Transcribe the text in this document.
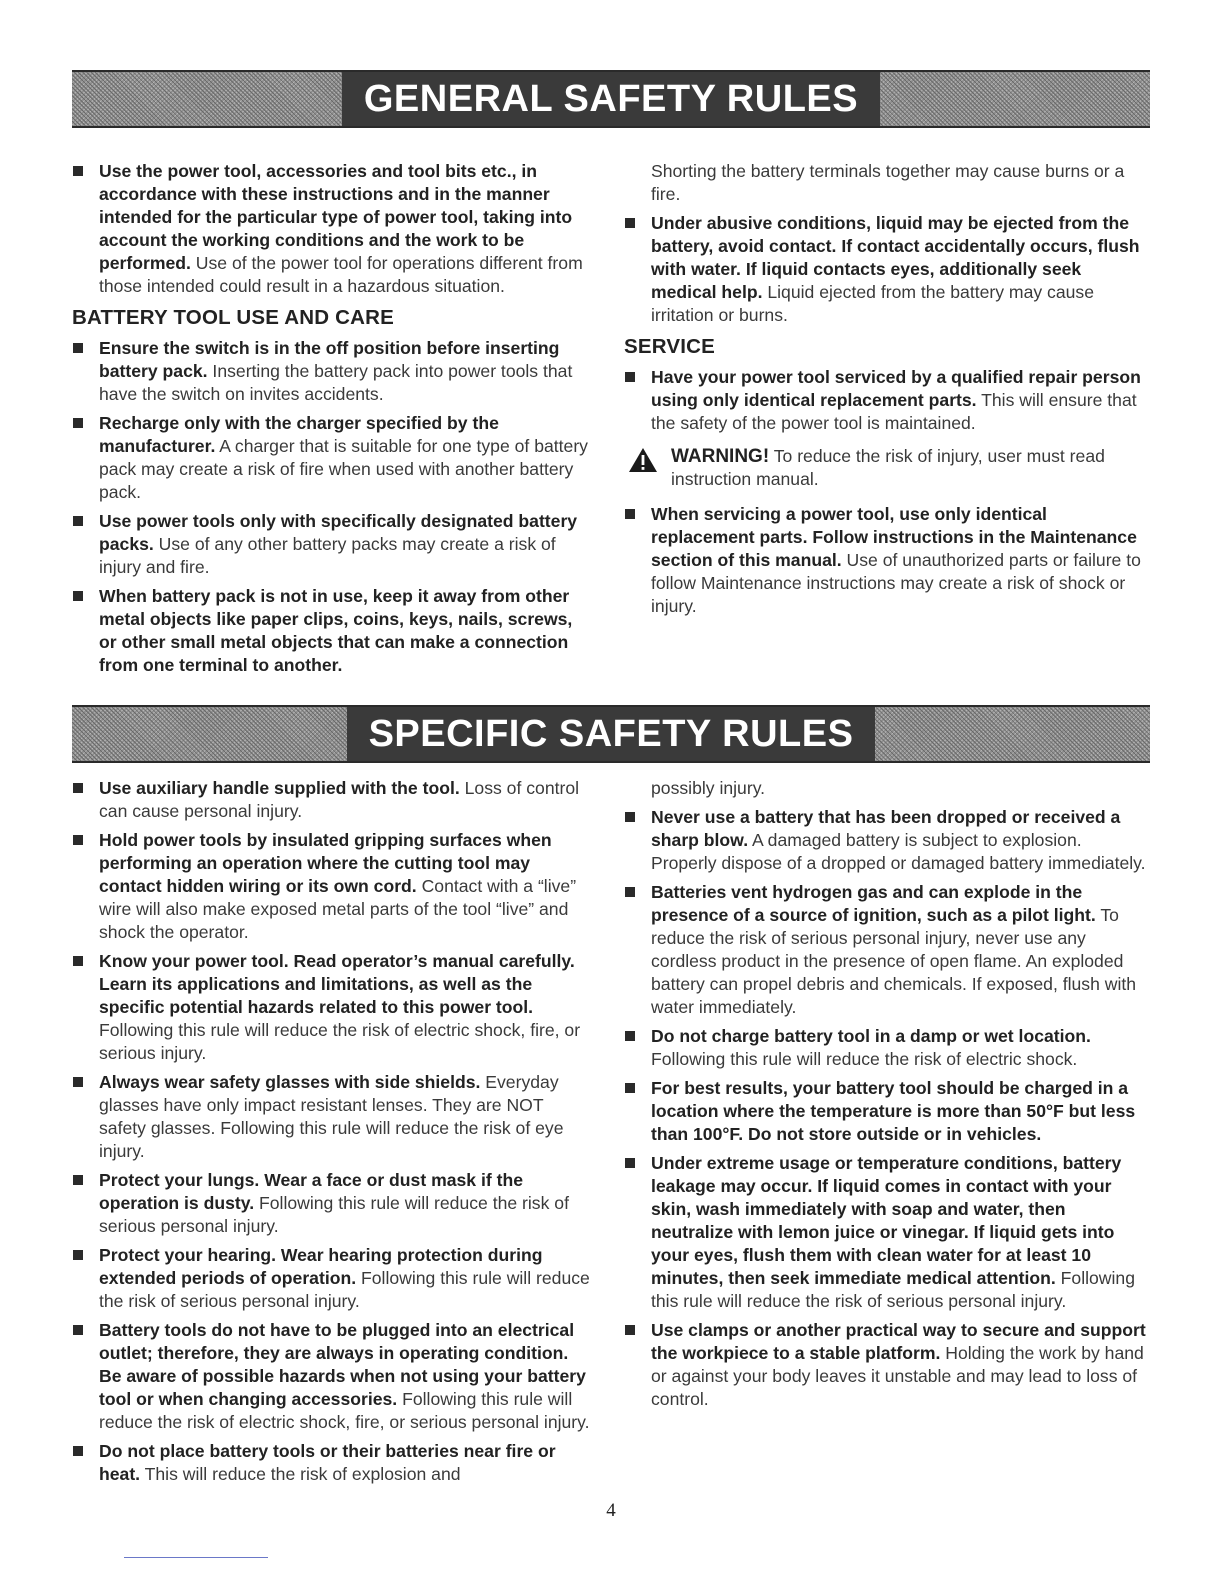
GENERAL SAFETY RULES
Use the power tool, accessories and tool bits etc., in accordance with these instructions and in the manner intended for the particular type of power tool, taking into account the working conditions and the work to be performed. Use of the power tool for operations different from those intended could result in a hazardous situation.
BATTERY TOOL USE AND CARE
Ensure the switch is in the off position before inserting battery pack. Inserting the battery pack into power tools that have the switch on invites accidents.
Recharge only with the charger specified by the manufacturer. A charger that is suitable for one type of battery pack may create a risk of fire when used with another battery pack.
Use power tools only with specifically designated battery packs. Use of any other battery packs may create a risk of injury and fire.
When battery pack is not in use, keep it away from other metal objects like paper clips, coins, keys, nails, screws, or other small metal objects that can make a connection from one terminal to another.
Shorting the battery terminals together may cause burns or a fire.
Under abusive conditions, liquid may be ejected from the battery, avoid contact. If contact accidentally occurs, flush with water. If liquid contacts eyes, additionally seek medical help. Liquid ejected from the battery may cause irritation or burns.
SERVICE
Have your power tool serviced by a qualified repair person using only identical replacement parts. This will ensure that the safety of the power tool is maintained.
WARNING! To reduce the risk of injury, user must read instruction manual.
When servicing a power tool, use only identical replacement parts. Follow instructions in the Maintenance section of this manual. Use of unauthorized parts or failure to follow Maintenance instructions may create a risk of shock or injury.
SPECIFIC SAFETY RULES
Use auxiliary handle supplied with the tool. Loss of control can cause personal injury.
Hold power tools by insulated gripping surfaces when performing an operation where the cutting tool may contact hidden wiring or its own cord. Contact with a “live” wire will also make exposed metal parts of the tool “live” and shock the operator.
Know your power tool. Read operator’s manual carefully. Learn its applications and limitations, as well as the specific potential hazards related to this power tool. Following this rule will reduce the risk of electric shock, fire, or serious injury.
Always wear safety glasses with side shields. Everyday glasses have only impact resistant lenses. They are NOT safety glasses. Following this rule will reduce the risk of eye injury.
Protect your lungs. Wear a face or dust mask if the operation is dusty. Following this rule will reduce the risk of serious personal injury.
Protect your hearing. Wear hearing protection during extended periods of operation. Following this rule will reduce the risk of serious personal injury.
Battery tools do not have to be plugged into an electrical outlet; therefore, they are always in operating condition. Be aware of possible hazards when not using your battery tool or when changing accessories. Following this rule will reduce the risk of electric shock, fire, or serious personal injury.
Do not place battery tools or their batteries near fire or heat. This will reduce the risk of explosion and
possibly injury.
Never use a battery that has been dropped or received a sharp blow. A damaged battery is subject to explosion. Properly dispose of a dropped or damaged battery immediately.
Batteries vent hydrogen gas and can explode in the presence of a source of ignition, such as a pilot light. To reduce the risk of serious personal injury, never use any cordless product in the presence of open flame. An exploded battery can propel debris and chemicals. If exposed, flush with water immediately.
Do not charge battery tool in a damp or wet location. Following this rule will reduce the risk of electric shock.
For best results, your battery tool should be charged in a location where the temperature is more than 50°F but less than 100°F. Do not store outside or in vehicles.
Under extreme usage or temperature conditions, battery leakage may occur. If liquid comes in contact with your skin, wash immediately with soap and water, then neutralize with lemon juice or vinegar. If liquid gets into your eyes, flush them with clean water for at least 10 minutes, then seek immediate medical attention. Following this rule will reduce the risk of serious personal injury.
Use clamps or another practical way to secure and support the workpiece to a stable platform. Holding the work by hand or against your body leaves it unstable and may lead to loss of control.
4
